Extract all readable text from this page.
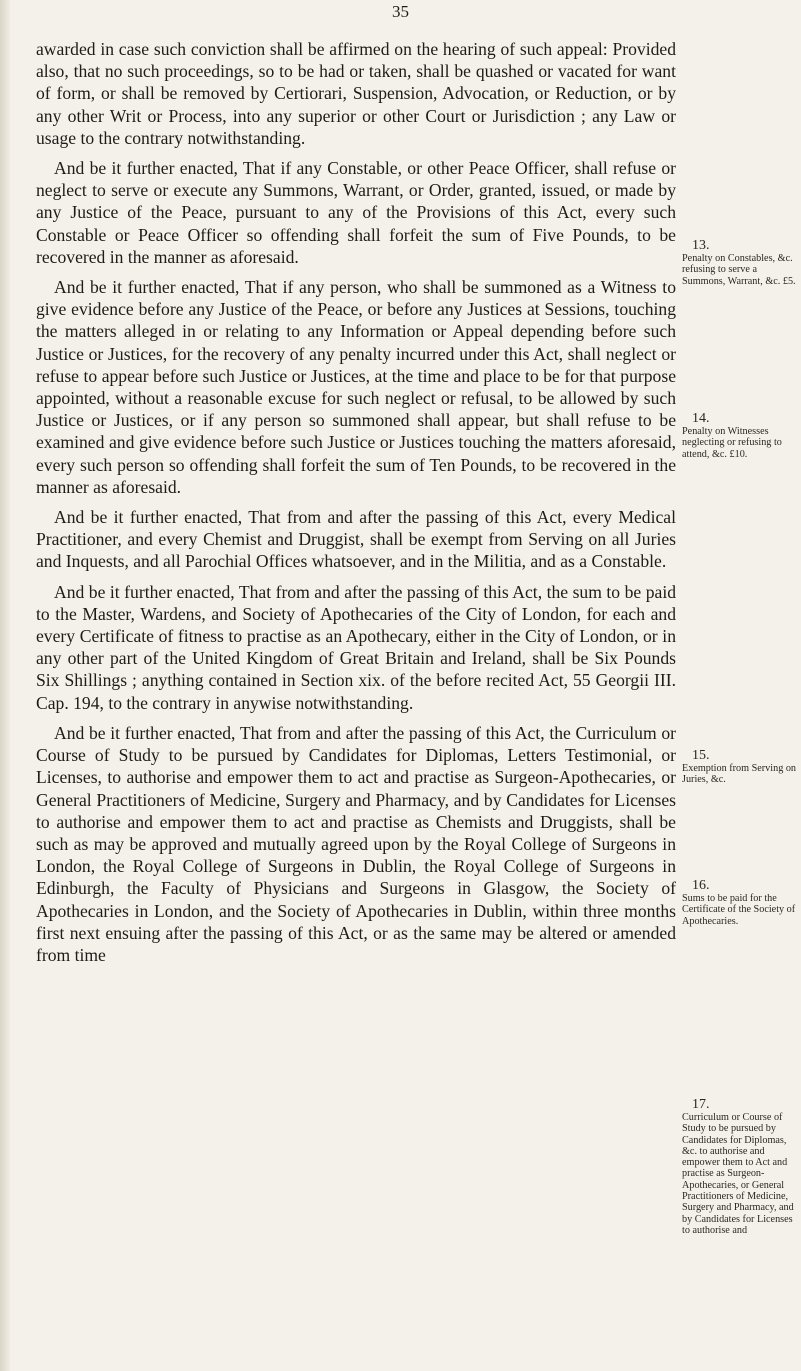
35

awarded in case such conviction shall be affirmed on the hearing of such appeal: Provided also, that no such proceedings, so to be had or taken, shall be quashed or vacated for want of form, or shall be removed by Certiorari, Suspension, Advocation, or Reduction, or by any other Writ or Process, into any superior or other Court or Jurisdiction ; any Law or usage to the contrary notwithstanding.

And be it further enacted, That if any Constable, or other Peace Officer, shall refuse or neglect to serve or execute any Summons, Warrant, or Order, granted, issued, or made by any Justice of the Peace, pursuant to any of the Provisions of this Act, every such Constable or Peace Officer so offending shall forfeit the sum of Five Pounds, to be recovered in the manner as aforesaid.

And be it further enacted, That if any person, who shall be summoned as a Witness to give evidence before any Justice of the Peace, or before any Justices at Sessions, touching the matters alleged in or relating to any Information or Appeal depending before such Justice or Justices, for the recovery of any penalty incurred under this Act, shall neglect or refuse to appear before such Justice or Justices, at the time and place to be for that purpose appointed, without a reasonable excuse for such neglect or refusal, to be allowed by such Justice or Justices, or if any person so summoned shall appear, but shall refuse to be examined and give evidence before such Justice or Justices touching the matters aforesaid, every such person so offending shall forfeit the sum of Ten Pounds, to be recovered in the manner as aforesaid.

And be it further enacted, That from and after the passing of this Act, every Medical Practitioner, and every Chemist and Druggist, shall be exempt from Serving on all Juries and Inquests, and all Parochial Offices whatsoever, and in the Militia, and as a Constable.

And be it further enacted, That from and after the passing of this Act, the sum to be paid to the Master, Wardens, and Society of Apothecaries of the City of London, for each and every Certificate of fitness to practise as an Apothecary, either in the City of London, or in any other part of the United Kingdom of Great Britain and Ireland, shall be Six Pounds Six Shillings ; anything contained in Section xix. of the before recited Act, 55 Georgii III. Cap. 194, to the contrary in anywise notwithstanding.

And be it further enacted, That from and after the passing of this Act, the Curriculum or Course of Study to be pursued by Candidates for Diplomas, Letters Testimonial, or Licenses, to authorise and empower them to act and practise as Surgeon-Apothecaries, or General Practitioners of Medicine, Surgery and Pharmacy, and by Candidates for Licenses to authorise and empower them to act and practise as Chemists and Druggists, shall be such as may be approved and mutually agreed upon by the Royal College of Surgeons in London, the Royal College of Surgeons in Dublin, the Royal College of Surgeons in Edinburgh, the Faculty of Physicians and Surgeons in Glasgow, the Society of Apothecaries in London, and the Society of Apothecaries in Dublin, within three months first next ensuing after the passing of this Act, or as the same may be altered or amended from time

13.
Penalty on Constables, &c. refusing to serve a Summons, Warrant, &c. £5.
14.
Penalty on Witnesses neglecting or refusing to attend, &c. £10.
15.
Exemption from Serving on Juries, &c.
16.
Sums to be paid for the Certificate of the Society of Apothecaries.
17.
Curriculum or Course of Study to be pursued by Candidates for Diplomas, &c. to authorise and empower them to Act and practise as Surgeon-Apothecaries, or General Practitioners of Medicine, Surgery and Pharmacy, and by Candidates for Licenses to authorise and
